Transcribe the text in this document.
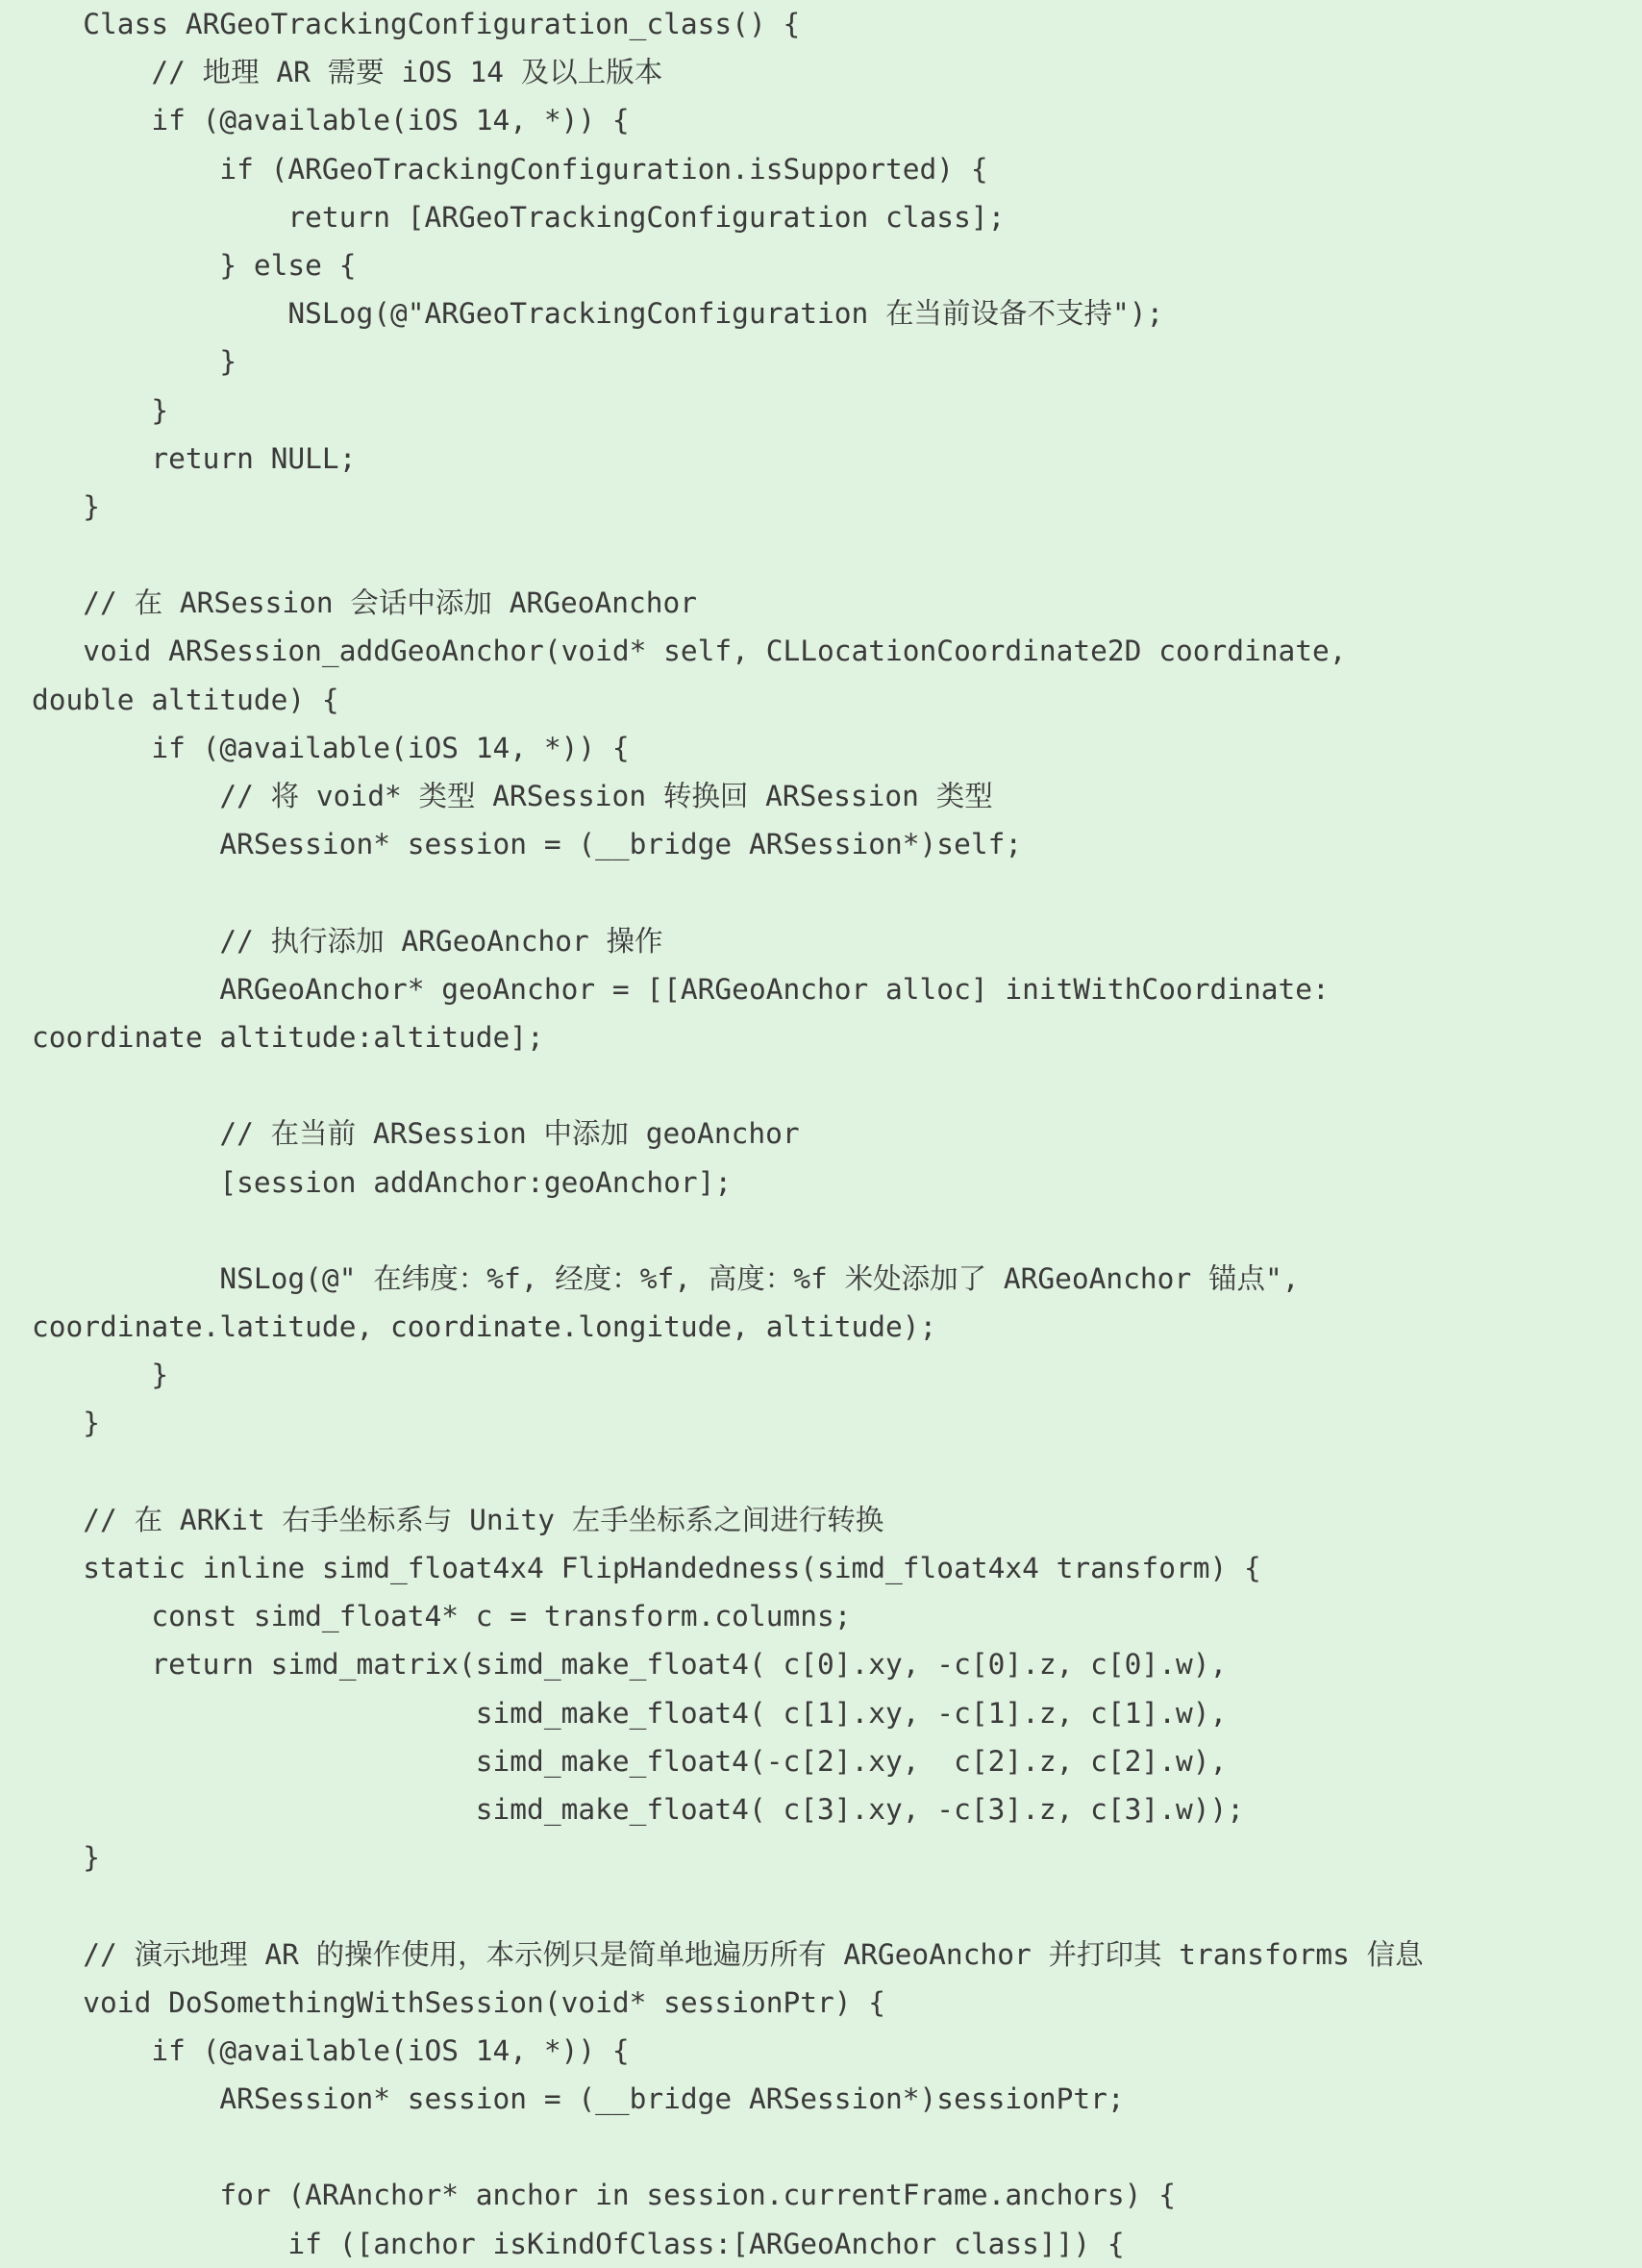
Class ARGeoTrackingConfiguration_class() {
// 地理 AR 需要 iOS 14 及以上版本
if (@available(iOS 14, *)) {
if (ARGeoTrackingConfiguration.isSupported) {
return [ARGeoTrackingConfiguration class];
} else {
NSLog(@"ARGeoTrackingConfiguration 在当前设备不支持");
}
}
return NULL;
}
// 在 ARSession 会话中添加 ARGeoAnchor
void ARSession_addGeoAnchor(void* self, CLLocationCoordinate2D coordinate,
double altitude) {
if (@available(iOS 14, *)) {
// 将 void* 类型 ARSession 转换回 ARSession 类型
ARSession* session = (__bridge ARSession*)self;
// 执行添加 ARGeoAnchor 操作
ARGeoAnchor* geoAnchor = [[ARGeoAnchor alloc] initWithCoordinate:
coordinate altitude:altitude];
// 在当前 ARSession 中添加 geoAnchor
[session addAnchor:geoAnchor];
NSLog(@" 在纬度：%f, 经度：%f, 高度：%f 米处添加了 ARGeoAnchor 锚点",
coordinate.latitude, coordinate.longitude, altitude);
}
}
// 在 ARKit 右手坐标系与 Unity 左手坐标系之间进行转换
static inline simd_float4x4 FlipHandedness(simd_float4x4 transform) {
const simd_float4* c = transform.columns;
return simd_matrix(simd_make_float4( c[0].xy, -c[0].z, c[0].w),
simd_make_float4( c[1].xy, -c[1].z, c[1].w),
simd_make_float4(-c[2].xy,  c[2].z, c[2].w),
simd_make_float4( c[3].xy, -c[3].z, c[3].w));
}
// 演示地理 AR 的操作使用，本示例只是简单地遍历所有 ARGeoAnchor 并打印其 transforms 信息
void DoSomethingWithSession(void* sessionPtr) {
if (@available(iOS 14, *)) {
ARSession* session = (__bridge ARSession*)sessionPtr;
for (ARAnchor* anchor in session.currentFrame.anchors) {
if ([anchor isKindOfClass:[ARGeoAnchor class]]) {
